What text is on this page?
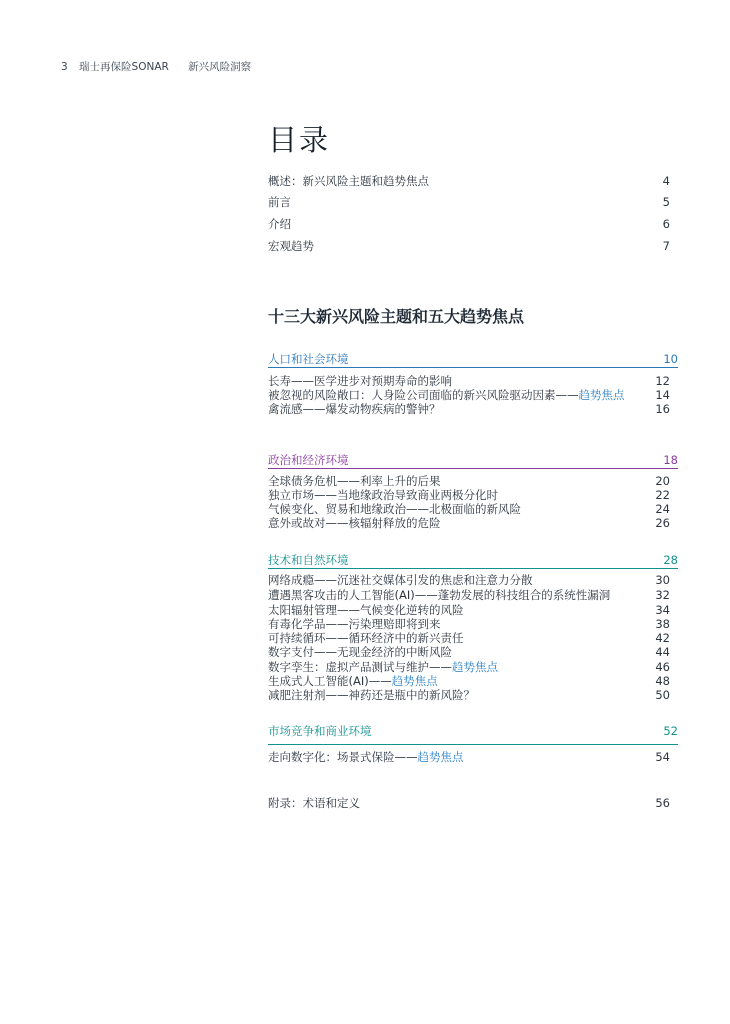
3 瑞士再保险SONAR 新兴风险洞察
目录
概述：新兴风险主题和趋势焦点	4
前言	5
介绍	6
宏观趋势	7
十三大新兴风险主题和五大趋势焦点
人口和社会环境	10
长寿——医学进步对预期寿命的影响	12
被忽视的风险敞口：人身险公司面临的新兴风险驱动因素——趋势焦点	14
禽流感——爆发动物疾病的警钟？	16
政治和经济环境	18
全球债务危机——利率上升的后果	20
独立市场——当地缘政治导致商业两极分化时	22
气候变化、贸易和地缘政治——北极面临的新风险	24
意外或故对——核辐射释放的危险	26
技术和自然环境	28
网络成瘾——沉迷社交媒体引发的焦虑和注意力分散	30
遭遇黑客攻击的人工智能(AI)——蓬勃发展的科技组合的系统性漏洞	32
太阳辐射管理——气候变化逆转的风险	34
有毒化学品——污染理赔即将到来	38
可持续循环——循环经济中的新兴责任	42
数字支付——无现金经济的中断风险	44
数字孪生：虚拟产品测试与维护——趋势焦点	46
生成式人工智能(AI)——趋势焦点	48
减肥注射剂——神药还是瓶中的新风险？	50
市场竞争和商业环境	52
走向数字化：场景式保险——趋势焦点	54
附录：术语和定义	56
